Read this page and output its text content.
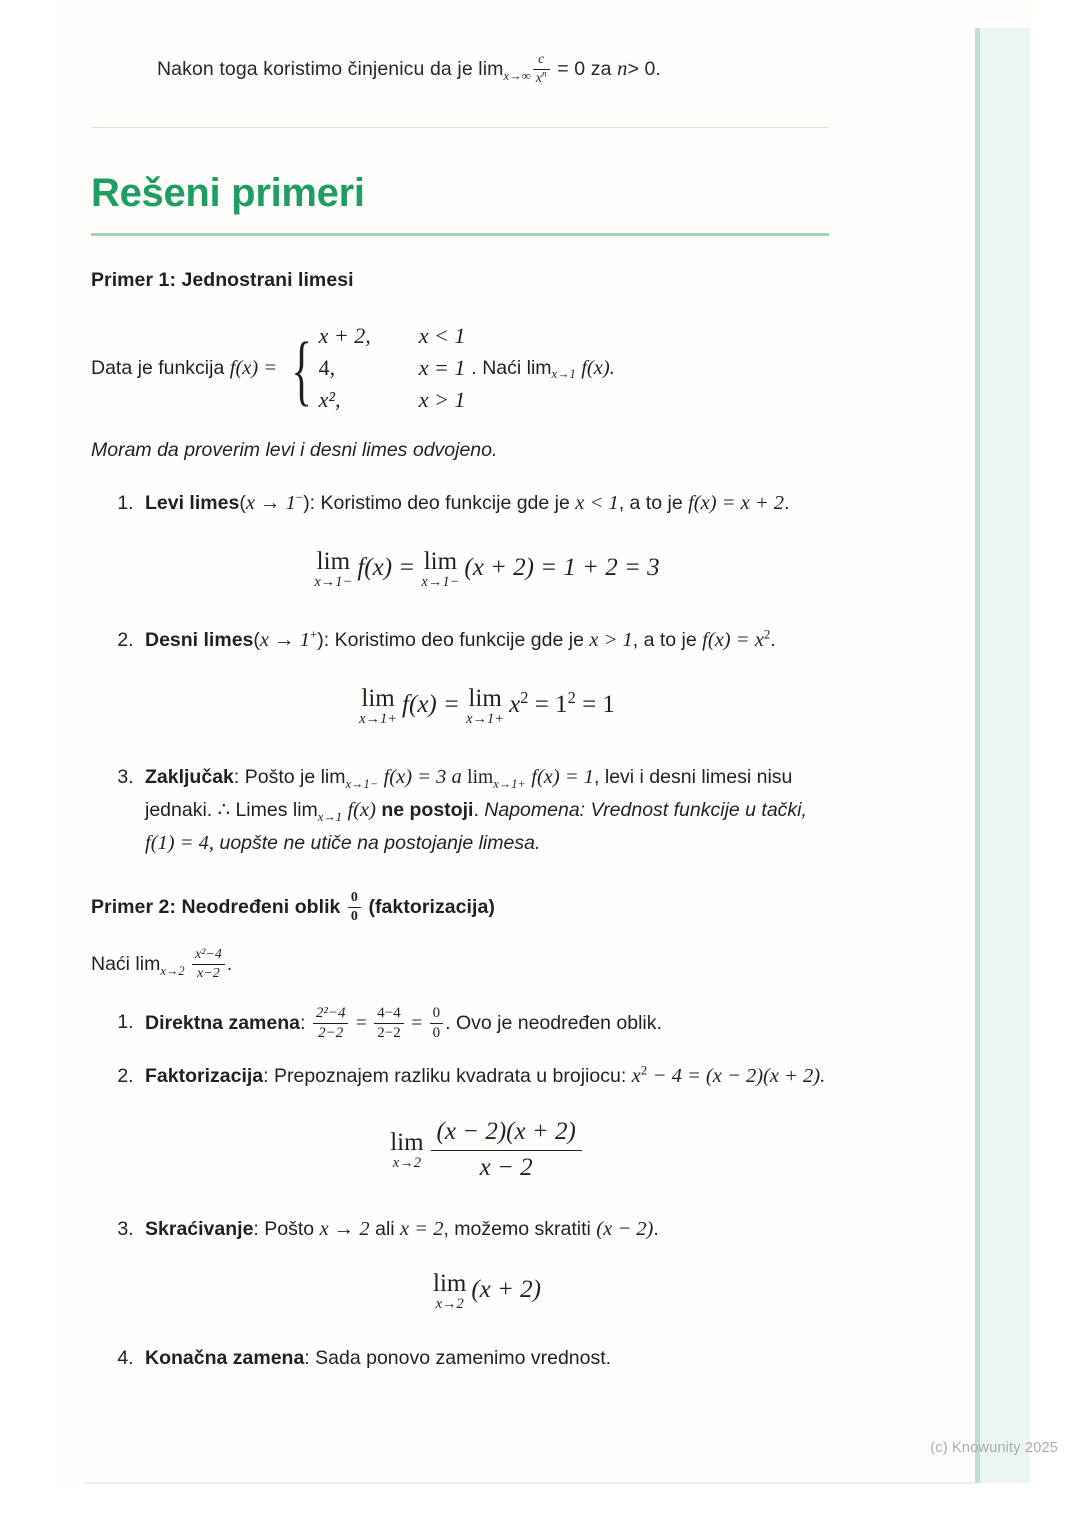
Nakon toga koristimo činjenicu da je $\lim_{x\to\infty} \frac{c}{x^n} = 0$ za n> 0.
Rešeni primeri
Primer 1: Jednostrani limesi
Data je funkcija
f(x) = { x + 2, x < 1
4,	x = 1
x²,	x > 1
. Naći lim $_{x\to 1}$
f(x).

Moram da proverim levi i desni limes odvojeno.

1. Levi limes(x → 1−): Koristimo deo funkcije gde je x < 1, a to je f(x) = x + 2.
lim
x→1−
f(x) = lim
x→1−
(x + 2) = 1 + 2 = 3
2. Desni limes(x → 1+): Koristimo deo funkcije gde je x > 1, a to je $f(x) = x^2$.
lim
x→1+
f(x) = lim
x→1+
$x^2 = 1^2 = 1$
3. Zaključak: Pošto je $\lim_{x\to 1-} f(x) = 3$ a $\lim_{x\to 1+} f(x) = 1$, levi i desni limesi nisu jednaki. ∴ Limes $\lim_{x\to 1} f(x)$ ne postoji. Napomena: Vrednost funkcije u tački, f(1) = 4, uopšte ne utiče na postojanje limesa.
Primer 2: Neodređeni oblik $\frac{0}{0}$ (faktorizacija)

Naći $\lim_{x\to 2} \frac{\text{x²−4}}{x-2}$ .

1. Direktna zamena: $\frac{\text{2²−4}}{2-2} = \frac{4-4}{2-2} = \frac{0}{0}$ . Ovo je neodređen oblik.
2. Faktorizacija: Prepoznajem razliku kvadrata u brojiocu: $x^2 - 4 = (x - 2)(x + 2)$.
lim
$x\to 2 \frac{(x - 2)(x + 2)}{x - 2}$
3. Skraćivanje: Pošto x → 2 ali x = 2, možemo skratiti (x − 2).
lim
x→2
(x + 2)
4. Konačna zamena: Sada ponovo zamenimo vrednost.
(c) Knowunity 2025
